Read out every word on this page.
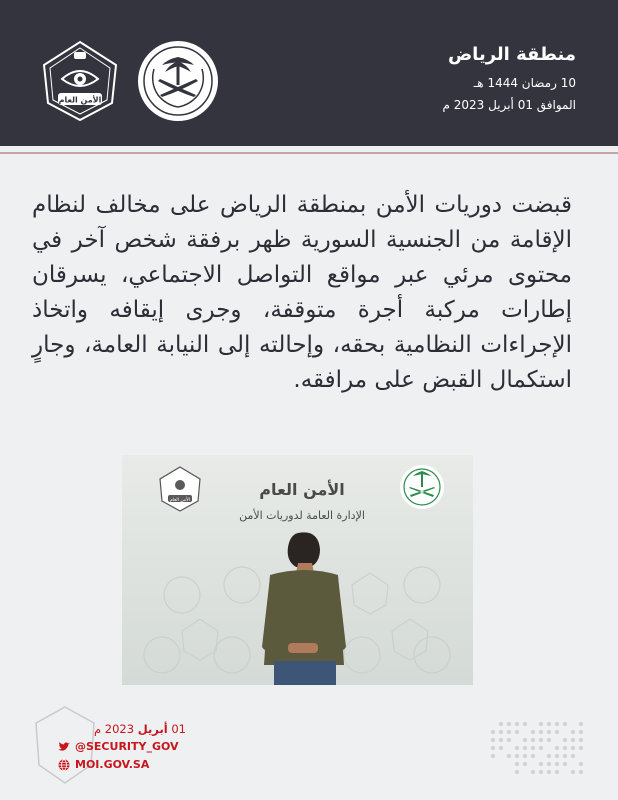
منطقة الرياض
10 رمضان 1444 هـ
الموافق 01 أبريل 2023 م
الأمن العام
قبضت دوريات الأمن بمنطقة الرياض على مخالف لنظام الإقامة من الجنسية السورية ظهر برفقة شخص آخر في محتوى مرئي عبر مواقع التواصل الاجتماعي، يسرقان إطارات مركبة أجرة متوقفة، وجرى إيقافه واتخاذ الإجراءات النظامية بحقه، وإحالته إلى النيابة العامة، وجارٍ استكمال القبض على مرافقه.
الأمن العام
الأمن العام
الإدارة العامة لدوريات الأمن
01 أبريل 2023 م
@SECURITY_GOV
MOI.GOV.SA
